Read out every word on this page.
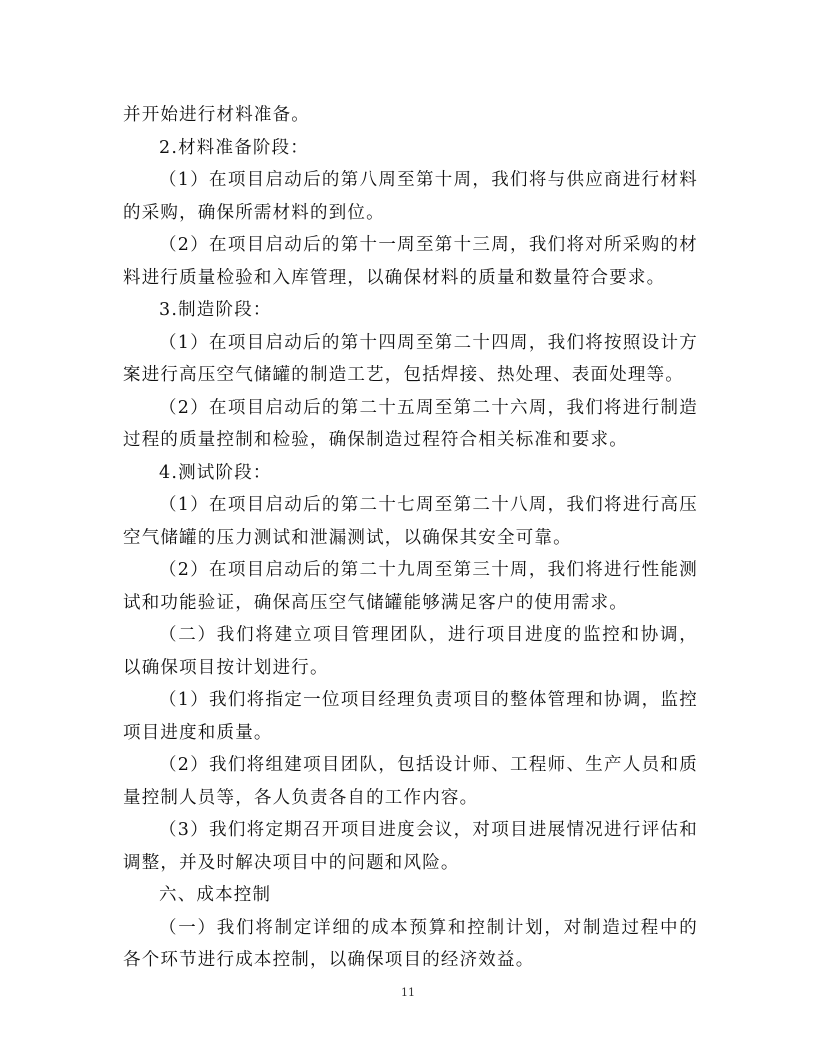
并开始进行材料准备。

2.材料准备阶段：

（1）在项目启动后的第八周至第十周，我们将与供应商进行材料的采购，确保所需材料的到位。

（2）在项目启动后的第十一周至第十三周，我们将对所采购的材料进行质量检验和入库管理，以确保材料的质量和数量符合要求。

3.制造阶段：

（1）在项目启动后的第十四周至第二十四周，我们将按照设计方案进行高压空气储罐的制造工艺，包括焊接、热处理、表面处理等。

（2）在项目启动后的第二十五周至第二十六周，我们将进行制造过程的质量控制和检验，确保制造过程符合相关标准和要求。

4.测试阶段：

（1）在项目启动后的第二十七周至第二十八周，我们将进行高压空气储罐的压力测试和泄漏测试，以确保其安全可靠。

（2）在项目启动后的第二十九周至第三十周，我们将进行性能测试和功能验证，确保高压空气储罐能够满足客户的使用需求。

（二）我们将建立项目管理团队，进行项目进度的监控和协调，以确保项目按计划进行。

（1）我们将指定一位项目经理负责项目的整体管理和协调，监控项目进度和质量。

（2）我们将组建项目团队，包括设计师、工程师、生产人员和质量控制人员等，各人负责各自的工作内容。

（3）我们将定期召开项目进度会议，对项目进展情况进行评估和调整，并及时解决项目中的问题和风险。

六、成本控制

（一）我们将制定详细的成本预算和控制计划，对制造过程中的各个环节进行成本控制，以确保项目的经济效益。

11
